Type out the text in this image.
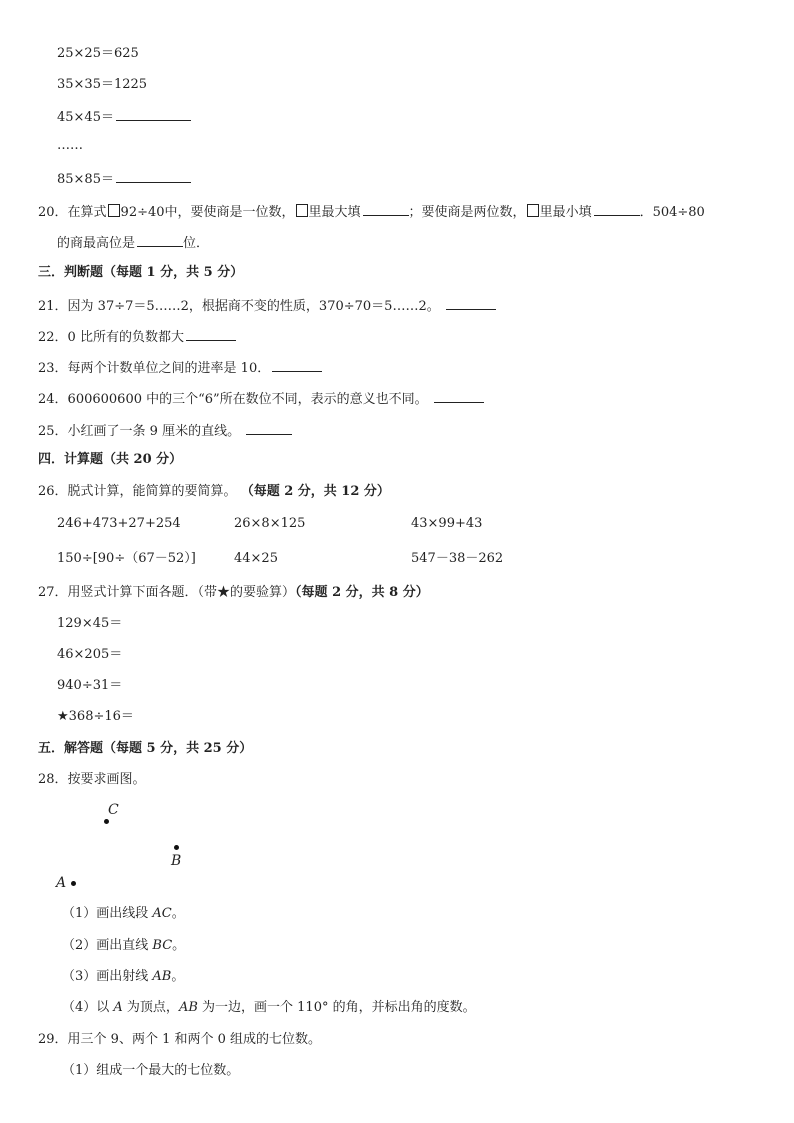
25×25＝625
35×35＝1225
45×45＝
……
85×85＝
20．在算式 92÷40中，要使商是一位数， 里最大填	；要使商是两位数， 里最小填	．504÷80
的商最高位是	位．
三．判断题（每题 1 分，共 5 分）
21．因为 37÷7＝5……2，根据商不变的性质，370÷70＝5……2。
22．0 比所有的负数都大
23．每两个计数单位之间的进率是 10．
24．600600600 中的三个“6”所在数位不同，表示的意义也不同。
25．小红画了一条 9 厘米的直线。
四．计算题（共 20 分）
26．脱式计算，能简算的要简算。 （每题 2 分，共 12 分）
246+473+27+254	26×8×125	43×99+43
150÷[90÷（67－52）]	44×25	547－38－262
27．用竖式计算下面各题．（带★的要验算）（每题 2 分，共 8 分）
129×45＝
46×205＝
940÷31＝
★368÷16＝
五．解答题（每题 5 分，共 25 分）
28．按要求画图。
C
B
A
（1）画出线段 AC。
（2）画出直线 BC。
（3）画出射线 AB。
（4）以 A 为顶点，AB 为一边，画一个 110° 的角，并标出角的度数。
29．用三个 9、两个 1 和两个 0 组成的七位数。
（1）组成一个最大的七位数。
